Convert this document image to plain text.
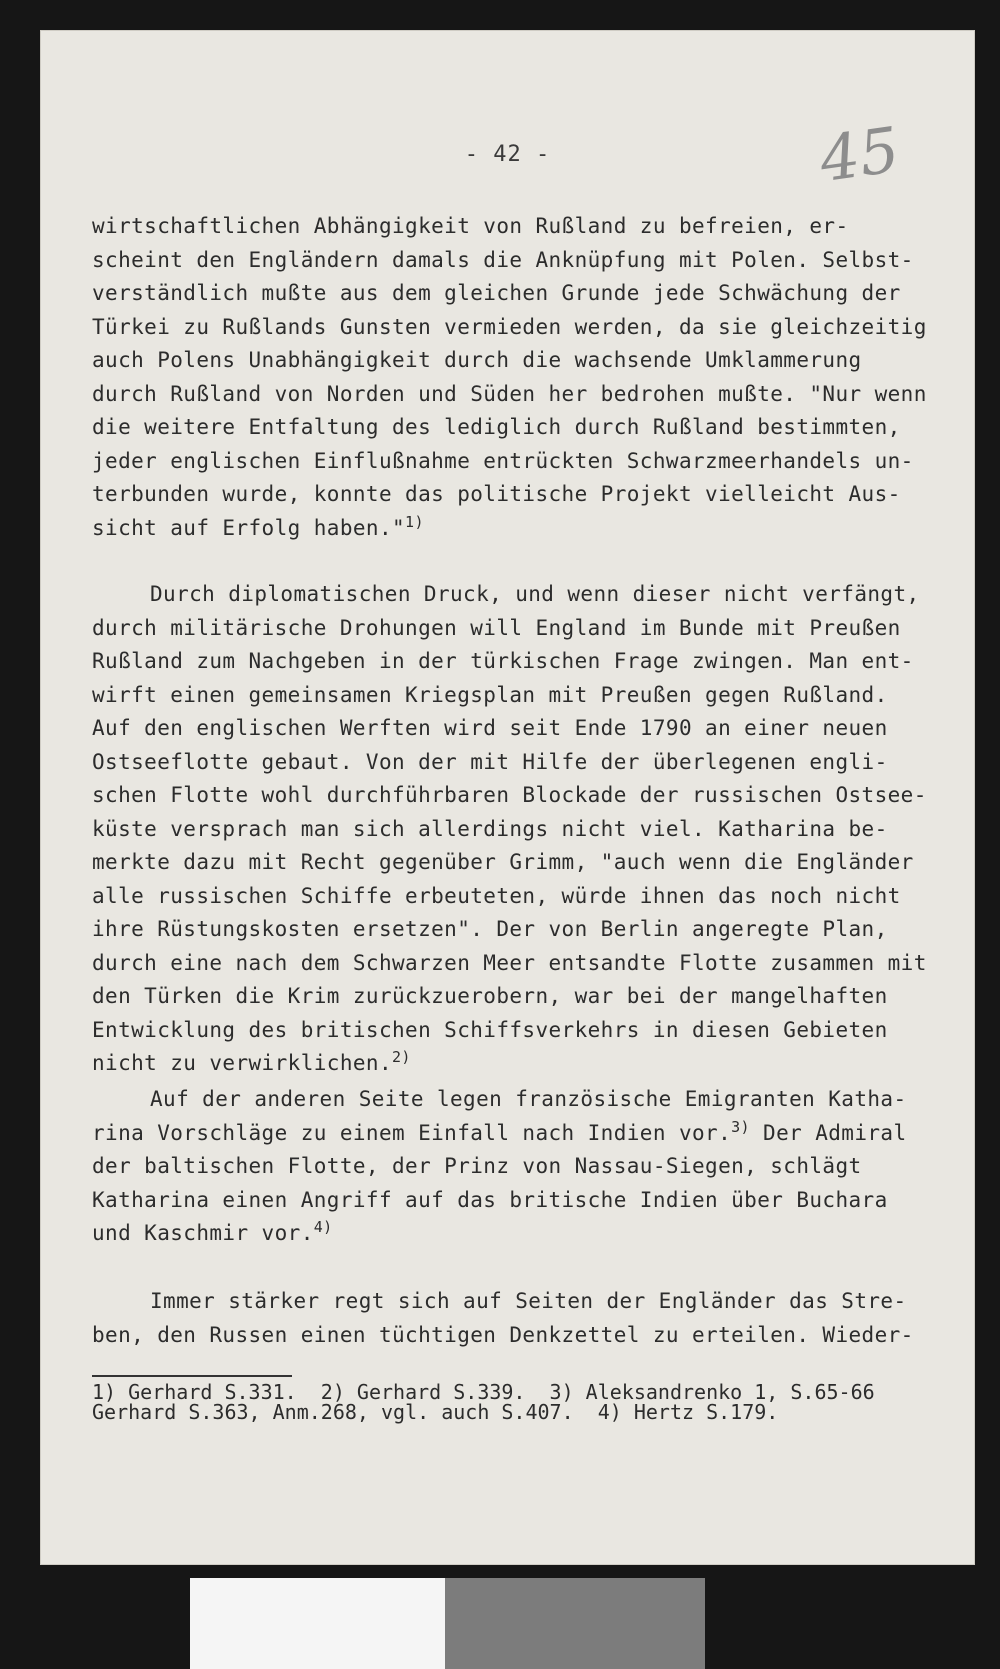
- 42 -	45
wirtschaftlichen Abhängigkeit von Rußland zu befreien, er-
scheint den Engländern damals die Anknüpfung mit Polen. Selbst-
verständlich mußte aus dem gleichen Grunde jede Schwächung der
Türkei zu Rußlands Gunsten vermieden werden, da sie gleichzeitig
auch Polens Unabhängigkeit durch die wachsende Umklammerung
durch Rußland von Norden und Süden her bedrohen mußte. "Nur wenn
die weitere Entfaltung des lediglich durch Rußland bestimmten,
jeder englischen Einflußnahme entrückten Schwarzmeerhandels un-
terbunden wurde, konnte das politische Projekt vielleicht Aus-
sicht auf Erfolg haben."$^{1)}$
Durch diplomatischen Druck, und wenn dieser nicht verfängt,
durch militärische Drohungen will England im Bunde mit Preußen
Rußland zum Nachgeben in der türkischen Frage zwingen. Man ent-
wirft einen gemeinsamen Kriegsplan mit Preußen gegen Rußland.
Auf den englischen Werften wird seit Ende 1790 an einer neuen
Ostseeflotte gebaut. Von der mit Hilfe der überlegenen engli-
schen Flotte wohl durchführbaren Blockade der russischen Ostsee-
küste versprach man sich allerdings nicht viel. Katharina be-
merkte dazu mit Recht gegenüber Grimm, "auch wenn die Engländer
alle russischen Schiffe erbeuteten, würde ihnen das noch nicht
ihre Rüstungskosten ersetzen". Der von Berlin angeregte Plan,
durch eine nach dem Schwarzen Meer entsandte Flotte zusammen mit
den Türken die Krim zurückzuerobern, war bei der mangelhaften
Entwicklung des britischen Schiffsverkehrs in diesen Gebieten
nicht zu verwirklichen.$^{2)}$
Auf der anderen Seite legen französische Emigranten Katha-
rina Vorschläge zu einem Einfall nach Indien vor.$^{3)}$ Der Admiral
der baltischen Flotte, der Prinz von Nassau-Siegen, schlägt
Katharina einen Angriff auf das britische Indien über Buchara
und Kaschmir vor.$^{4)}$
Immer stärker regt sich auf Seiten der Engländer das Stre-
ben, den Russen einen tüchtigen Denkzettel zu erteilen. Wieder-
1) Gerhard S.331.  2) Gerhard S.339.  3) Aleksandrenko 1, S.65-66
Gerhard S.363, Anm.268, vgl. auch S.407.  4) Hertz S.179.
